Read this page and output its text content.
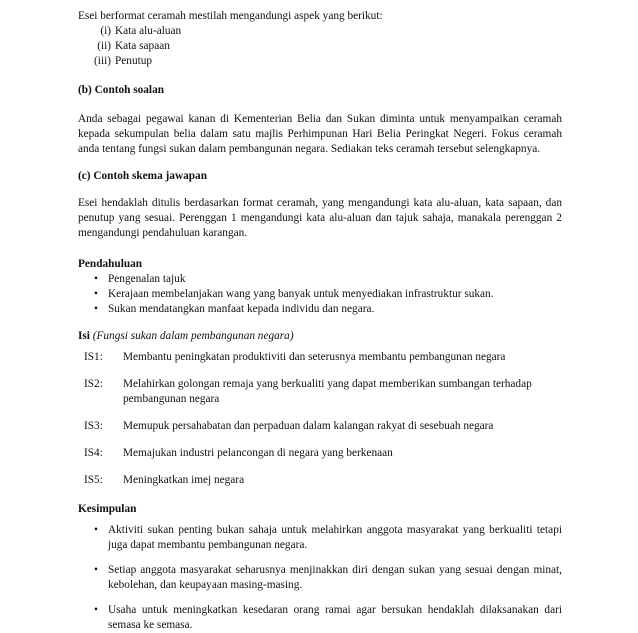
Esei berformat ceramah mestilah mengandungi aspek yang berikut:

(i) Kata alu-aluan
(ii) Kata sapaan
(iii) Penutup
(b) Contoh soalan

Anda sebagai pegawai kanan di Kementerian Belia dan Sukan diminta untuk menyampaikan ceramah kepada sekumpulan belia dalam satu majlis Perhimpunan Hari Belia Peringkat Negeri. Fokus ceramah anda tentang fungsi sukan dalam pembangunan negara. Sediakan teks ceramah tersebut selengkapnya.

(c) Contoh skema jawapan

Esei hendaklah ditulis berdasarkan format ceramah, yang mengandungi kata alu-aluan, kata sapaan, dan penutup yang sesuai. Perenggan 1 mengandungi kata alu-aluan dan tajuk sahaja, manakala perenggan 2 mengandungi pendahuluan karangan.

Pendahuluan
• Pengenalan tajuk
• Kerajaan membelanjakan wang yang banyak untuk menyediakan infrastruktur sukan.
• Sukan mendatangkan manfaat kepada individu dan negara.

Isi (Fungsi sukan dalam pembangunan negara)

IS1:	Membantu peningkatan produktiviti dan seterusnya membantu pembangunan negara
IS2:	Melahirkan golongan remaja yang berkualiti yang dapat memberikan sumbangan terhadap pembangunan negara
IS3:	Memupuk persahabatan dan perpaduan dalam kalangan rakyat di sesebuah negara
IS4:	Memajukan industri pelancongan di negara yang berkenaan
IS5:	Meningkatkan imej negara
Kesimpulan
• Aktiviti sukan penting bukan sahaja untuk melahirkan anggota masyarakat yang berkualiti tetapi juga dapat membantu pembangunan negara.
• Setiap anggota masyarakat seharusnya menjinakkan diri dengan sukan yang sesuai dengan minat, kebolehan, dan keupayaan masing-masing.
• Usaha untuk meningkatkan kesedaran orang ramai agar bersukan hendaklah dilaksanakan dari semasa ke semasa.
